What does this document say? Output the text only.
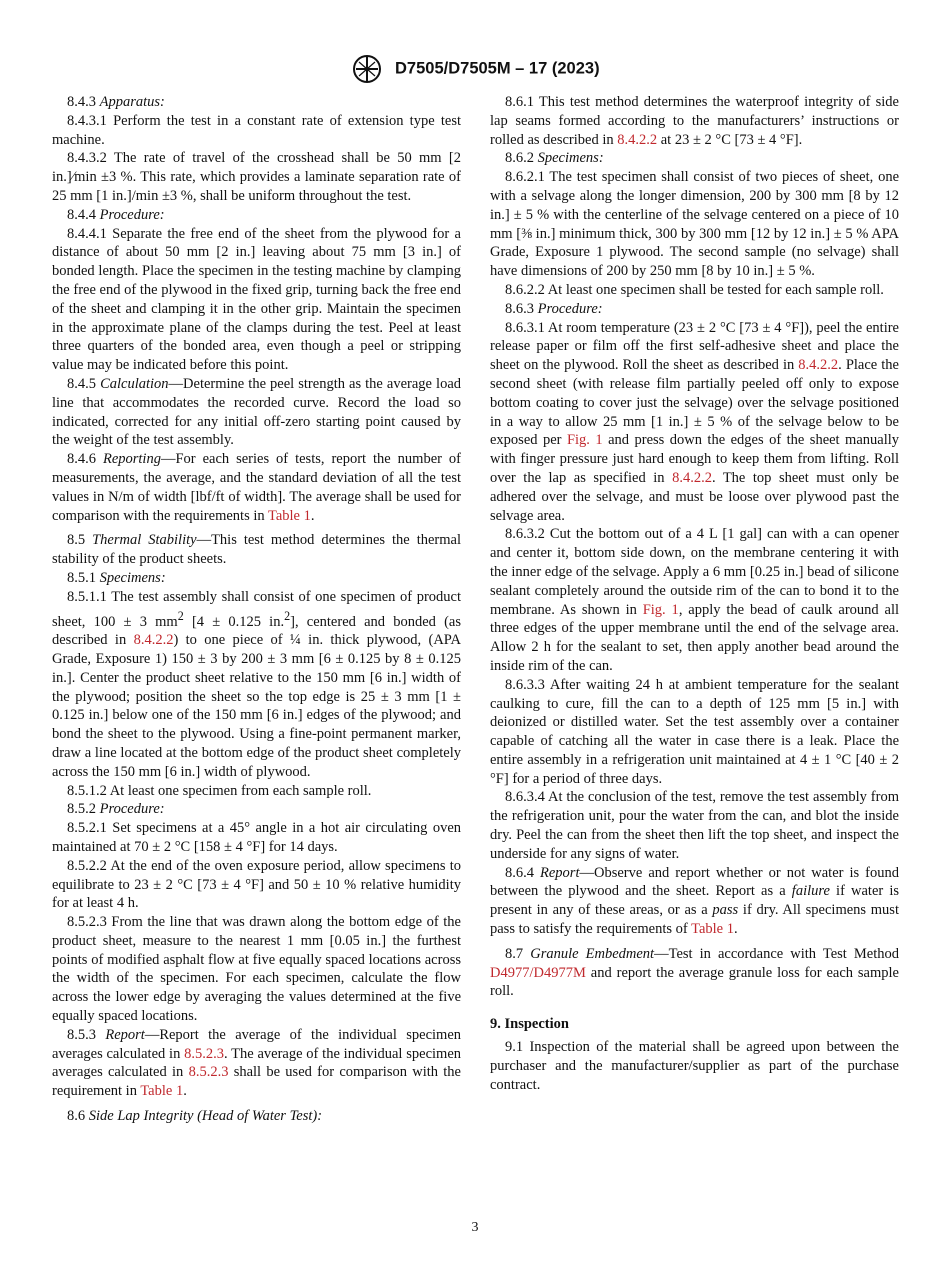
D7505/D7505M – 17 (2023)

8.4.3 Apparatus:

8.4.3.1 Perform the test in a constant rate of extension type test machine.

8.4.3.2 The rate of travel of the crosshead shall be 50 mm [2 in.]⁄min ±3 %. This rate, which provides a laminate separation rate of 25 mm [1 in.]/min ±3 %, shall be uniform throughout the test.

8.4.4 Procedure:

8.4.4.1 Separate the free end of the sheet from the plywood for a distance of about 50 mm [2 in.] leaving about 75 mm [3 in.] of bonded length. Place the specimen in the testing machine by clamping the free end of the plywood in the fixed grip, turning back the free end of the sheet and clamping it in the other grip. Maintain the specimen in the approximate plane of the clamps during the test. Peel at least three quarters of the bonded area, even though a peel or stripping value may be indicated before this point.

8.4.5 Calculation—Determine the peel strength as the average load line that accommodates the recorded curve. Record the load so indicated, corrected for any initial off-zero starting point caused by the weight of the test assembly.

8.4.6 Reporting—For each series of tests, report the number of measurements, the average, and the standard deviation of all the test values in N/m of width [lbf/ft of width]. The average shall be used for comparison with the requirements in Table 1.

8.5 Thermal Stability—This test method determines the thermal stability of the product sheets.

8.5.1 Specimens:

8.5.1.1 The test assembly shall consist of one specimen of product sheet, 100 ± 3 $mm^2$ [4 ± 0.125 in.$^2$], centered and bonded (as described in 8.4.2.2) to one piece of ¼ in. thick plywood, (APA Grade, Exposure 1) 150 ± 3 by 200 ± 3 mm [6 ± 0.125 by 8 ± 0.125 in.]. Center the product sheet relative to the 150 mm [6 in.] width of the plywood; position the sheet so the top edge is 25 ± 3 mm [1 ± 0.125 in.] below one of the 150 mm [6 in.] edges of the plywood; and bond the sheet to the plywood. Using a fine-point permanent marker, draw a line located at the bottom edge of the product sheet completely across the 150 mm [6 in.] width of plywood.

8.5.1.2 At least one specimen from each sample roll.

8.5.2 Procedure:

8.5.2.1 Set specimens at a 45° angle in a hot air circulating oven maintained at 70 ± 2 °C [158 ± 4 °F] for 14 days.

8.5.2.2 At the end of the oven exposure period, allow specimens to equilibrate to 23 ± 2 °C [73 ± 4 °F] and 50 ± 10 % relative humidity for at least 4 h.

8.5.2.3 From the line that was drawn along the bottom edge of the product sheet, measure to the nearest 1 mm [0.05 in.] the furthest points of modified asphalt flow at five equally spaced locations across the width of the specimen. For each specimen, calculate the flow across the lower edge by averaging the values determined at the five equally spaced locations.

8.5.3 Report—Report the average of the individual specimen averages calculated in 8.5.2.3. The average of the individual specimen averages calculated in 8.5.2.3 shall be used for comparison with the requirement in Table 1.

8.6 Side Lap Integrity (Head of Water Test):

8.6.1 This test method determines the waterproof integrity of side lap seams formed according to the manufacturers’ instructions or rolled as described in 8.4.2.2 at 23 ± 2 °C [73 ± 4 °F].

8.6.2 Specimens:

8.6.2.1 The test specimen shall consist of two pieces of sheet, one with a selvage along the longer dimension, 200 by 300 mm [8 by 12 in.] ± 5 % with the centerline of the selvage centered on a piece of 10 mm [⅜ in.] minimum thick, 300 by 300 mm [12 by 12 in.] ± 5 % APA Grade, Exposure 1 plywood. The second sample (no selvage) shall have dimensions of 200 by 250 mm [8 by 10 in.] ± 5 %.

8.6.2.2 At least one specimen shall be tested for each sample roll.

8.6.3 Procedure:

8.6.3.1 At room temperature (23 ± 2 °C [73 ± 4 °F]), peel the entire release paper or film off the first self-adhesive sheet and place the sheet on the plywood. Roll the sheet as described in 8.4.2.2. Place the second sheet (with release film partially peeled off only to expose bottom coating to cover just the selvage) over the selvage positioned in a way to allow 25 mm [1 in.] ± 5 % of the selvage below to be exposed per Fig. 1 and press down the edges of the sheet manually with finger pressure just hard enough to keep them from lifting. Roll over the lap as specified in 8.4.2.2. The top sheet must only be adhered over the selvage, and must be loose over plywood past the selvage area.

8.6.3.2 Cut the bottom out of a 4 L [1 gal] can with a can opener and center it, bottom side down, on the membrane centering it with the inner edge of the selvage. Apply a 6 mm [0.25 in.] bead of silicone sealant completely around the outside rim of the can to bond it to the membrane. As shown in Fig. 1, apply the bead of caulk around all three edges of the upper membrane until the end of the selvage area. Allow 2 h for the sealant to set, then apply another bead around the inside rim of the can.

8.6.3.3 After waiting 24 h at ambient temperature for the sealant caulking to cure, fill the can to a depth of 125 mm [5 in.] with deionized or distilled water. Set the test assembly over a container capable of catching all the water in case there is a leak. Place the entire assembly in a refrigeration unit maintained at 4 ± 1 °C [40 ± 2 °F] for a period of three days.

8.6.3.4 At the conclusion of the test, remove the test assembly from the refrigeration unit, pour the water from the can, and blot the inside dry. Peel the can from the sheet then lift the top sheet, and inspect the underside for any signs of water.

8.6.4 Report—Observe and report whether or not water is found between the plywood and the sheet. Report as a failure if water is present in any of these areas, or as a pass if dry. All specimens must pass to satisfy the requirements of Table 1.

8.7 Granule Embedment—Test in accordance with Test Method D4977/D4977M and report the average granule loss for each sample roll.

9. Inspection

9.1 Inspection of the material shall be agreed upon between the purchaser and the manufacturer/supplier as part of the purchase contract.

3
